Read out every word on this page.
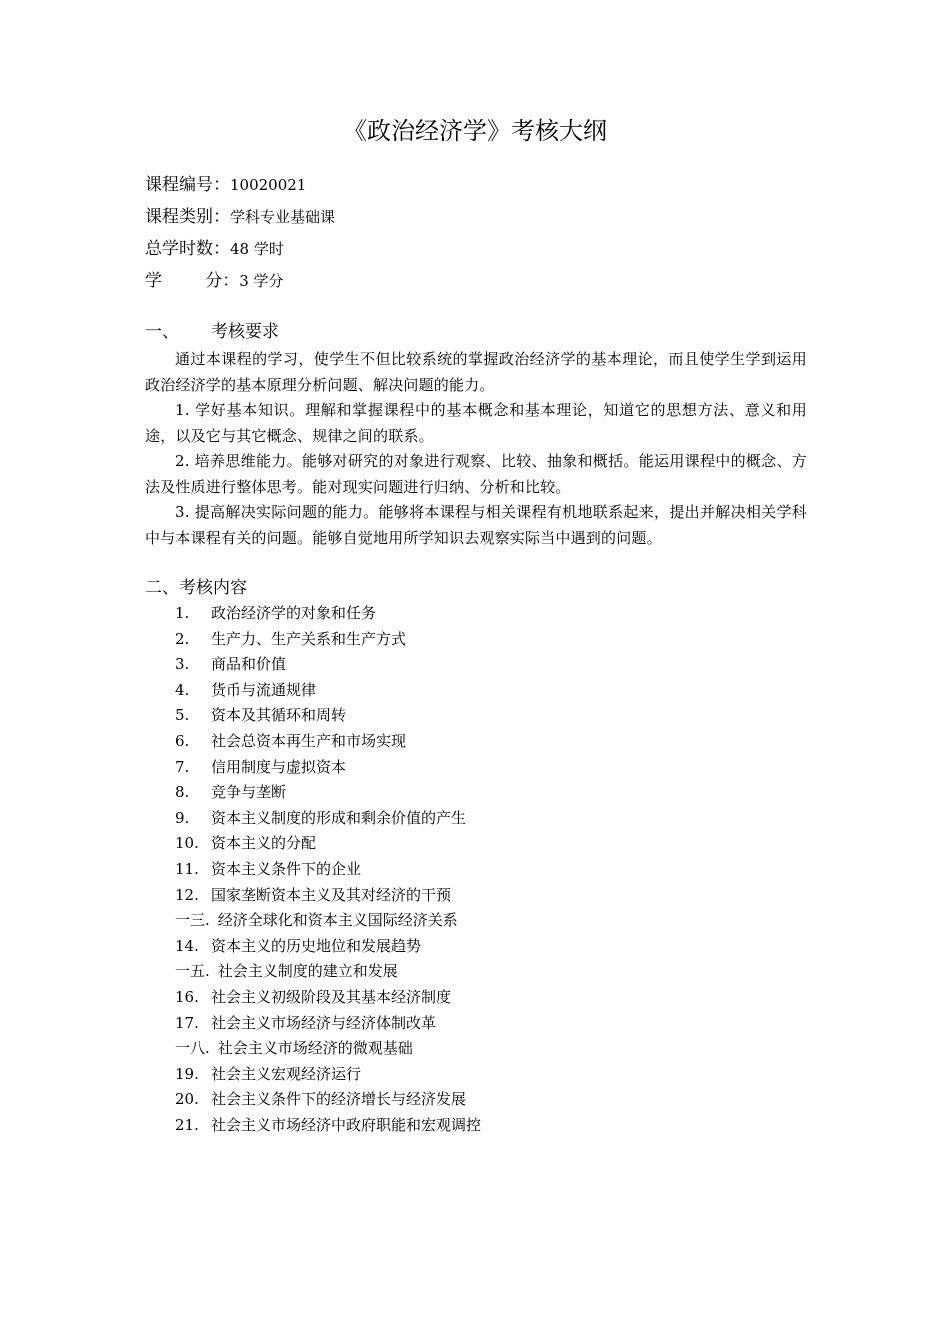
《政治经济学》考核大纲
课程编号：10020021
课程类别：学科专业基础课
总学时数：48 学时
学        分：3 学分
一、 考核要求
通过本课程的学习，使学生不但比较系统的掌握政治经济学的基本理论，而且使学生学到运用政治经济学的基本原理分析问题、解决问题的能力。
1. 学好基本知识。理解和掌握课程中的基本概念和基本理论，知道它的思想方法、意义和用途，以及它与其它概念、规律之间的联系。
2. 培养思维能力。能够对研究的对象进行观察、比较、抽象和概括。能运用课程中的概念、方法及性质进行整体思考。能对现实问题进行归纳、分析和比较。
3. 提高解决实际问题的能力。能够将本课程与相关课程有机地联系起来，提出并解决相关学科中与本课程有关的问题。能够自觉地用所学知识去观察实际当中遇到的问题。
二、考核内容
1. 政治经济学的对象和任务
2. 生产力、生产关系和生产方式
3. 商品和价值
4. 货币与流通规律
5. 资本及其循环和周转
6. 社会总资本再生产和市场实现
7. 信用制度与虚拟资本
8. 竞争与垄断
9. 资本主义制度的形成和剩余价值的产生
10. 资本主义的分配
11. 资本主义条件下的企业
12. 国家垄断资本主义及其对经济的干预
一三. 经济全球化和资本主义国际经济关系
14. 资本主义的历史地位和发展趋势
一五. 社会主义制度的建立和发展
16. 社会主义初级阶段及其基本经济制度
17. 社会主义市场经济与经济体制改革
一八. 社会主义市场经济的微观基础
19. 社会主义宏观经济运行
20. 社会主义条件下的经济增长与经济发展
21. 社会主义市场经济中政府职能和宏观调控
